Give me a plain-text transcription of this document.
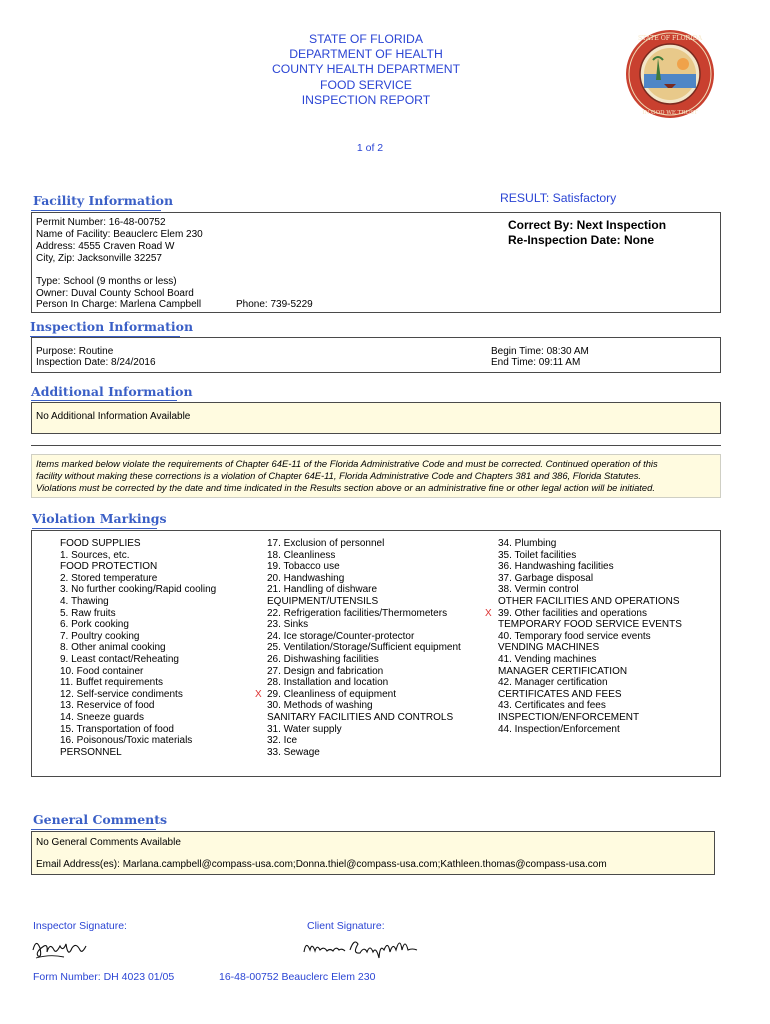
STATE OF FLORIDA
DEPARTMENT OF HEALTH
COUNTY HEALTH DEPARTMENT
FOOD SERVICE
INSPECTION REPORT
1 of 2
STATE OF FLORIDA
IN GOD WE TRUST
Facility Information	RESULT: Satisfactory
Permit Number: 16-48-00752
Name of Facility: Beauclerc Elem 230
Address: 4555 Craven Road W
City, Zip: Jacksonville 32257
Type: School (9 months or less)
Owner: Duval County School Board
Person In Charge: Marlena Campbell	Phone: 739-5229
Correct By: Next Inspection
Re-Inspection Date: None
Inspection Information
Purpose: Routine
Inspection Date: 8/24/2016
Begin Time: 08:30 AM
End Time: 09:11 AM
Additional Information
No Additional Information Available
Items marked below violate the requirements of Chapter 64E-11 of the Florida Administrative Code and must be corrected. Continued operation of this
facility without making these corrections is a violation of Chapter 64E-11, Florida Administrative Code and Chapters 381 and 386, Florida Statutes.
Violations must be corrected by the date and time indicated in the Results section above or an administrative fine or other legal action will be initiated.
Violation Markings
FOOD SUPPLIES
1. Sources, etc.
FOOD PROTECTION
2. Stored temperature
3. No further cooking/Rapid cooling
4. Thawing
5. Raw fruits
6. Pork cooking
7. Poultry cooking
8. Other animal cooking
9. Least contact/Reheating
10. Food container
11. Buffet requirements
12. Self-service condiments
13. Reservice of food
14. Sneeze guards
15. Transportation of food
16. Poisonous/Toxic materials
PERSONNEL
17. Exclusion of personnel
18. Cleanliness
19. Tobacco use
20. Handwashing
21. Handling of dishware
EQUIPMENT/UTENSILS
22. Refrigeration facilities/Thermometers
23. Sinks
24. Ice storage/Counter-protector
25. Ventilation/Storage/Sufficient equipment
26. Dishwashing facilities
27. Design and fabrication
28. Installation and location
X 29. Cleanliness of equipment
30. Methods of washing
SANITARY FACILITIES AND CONTROLS
31. Water supply
32. Ice
33. Sewage
34. Plumbing
35. Toilet facilities
36. Handwashing facilities
37. Garbage disposal
38. Vermin control
OTHER FACILITIES AND OPERATIONS
X 39. Other facilities and operations
TEMPORARY FOOD SERVICE EVENTS
40. Temporary food service events
VENDING MACHINES
41. Vending machines
MANAGER CERTIFICATION
42. Manager certification
CERTIFICATES AND FEES
43. Certificates and fees
INSPECTION/ENFORCEMENT
44. Inspection/Enforcement
General Comments
No General Comments Available
Email Address(es): Marlana.campbell@compass-usa.com;Donna.thiel@compass-usa.com;Kathleen.thomas@compass-usa.com
Inspector Signature:	Client Signature:
Form Number: DH 4023 01/05	16-48-00752 Beauclerc Elem 230
